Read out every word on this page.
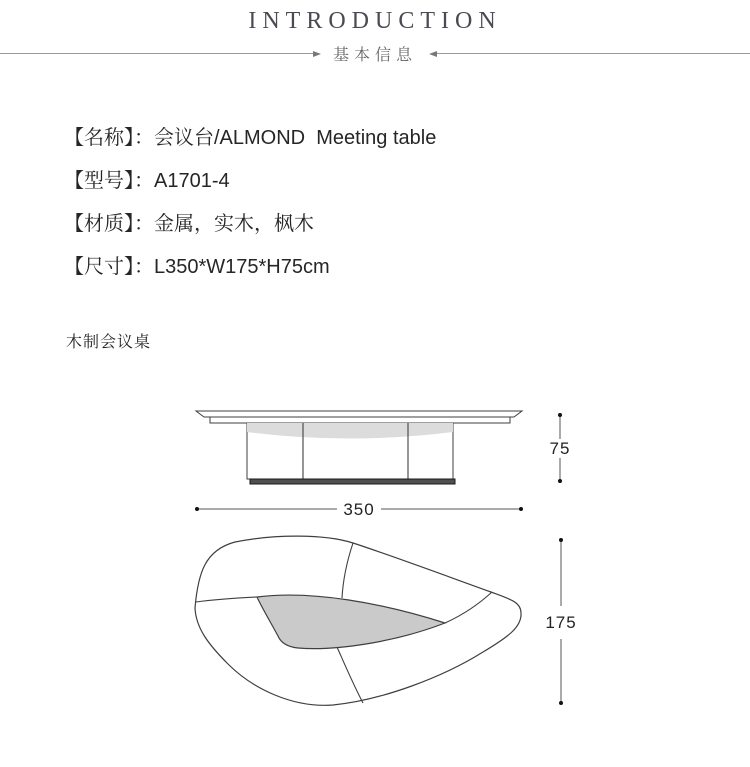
INTRODUCTION
基本信息
【名称】：会议台/ALMOND  Meeting table
【型号】：A1701-4
【材质】：金属，实木，枫木
【尺寸】：L350*W175*H75cm

木制会议桌

75
350
175
